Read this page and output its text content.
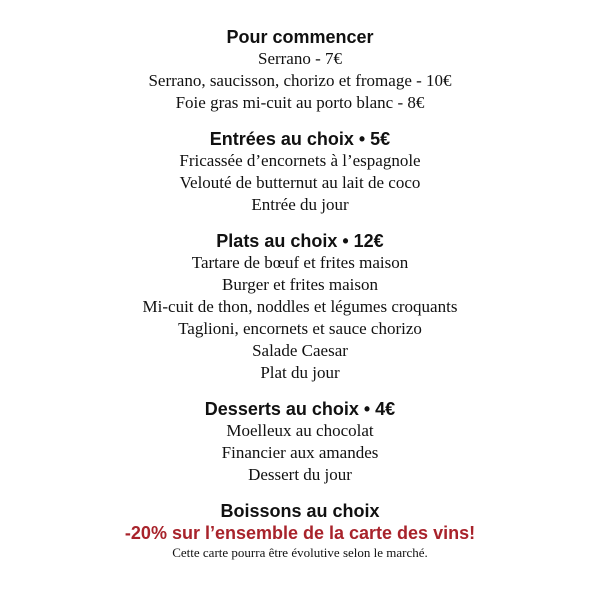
Pour commencer
Serrano - 7€
Serrano, saucisson, chorizo et fromage - 10€
Foie gras mi-cuit au porto blanc - 8€
Entrées au choix • 5€
Fricassée d’encornets à l’espagnole
Velouté de butternut au lait de coco
Entrée du jour
Plats au choix • 12€
Tartare de bœuf et frites maison
Burger et frites maison
Mi-cuit de thon, noddles et légumes croquants
Taglioni, encornets et sauce chorizo
Salade Caesar
Plat du jour
Desserts au choix • 4€
Moelleux au chocolat
Financier aux amandes
Dessert du jour
Boissons au choix

-20% sur l’ensemble de la carte des vins!

Cette carte pourra être évolutive selon le marché.
